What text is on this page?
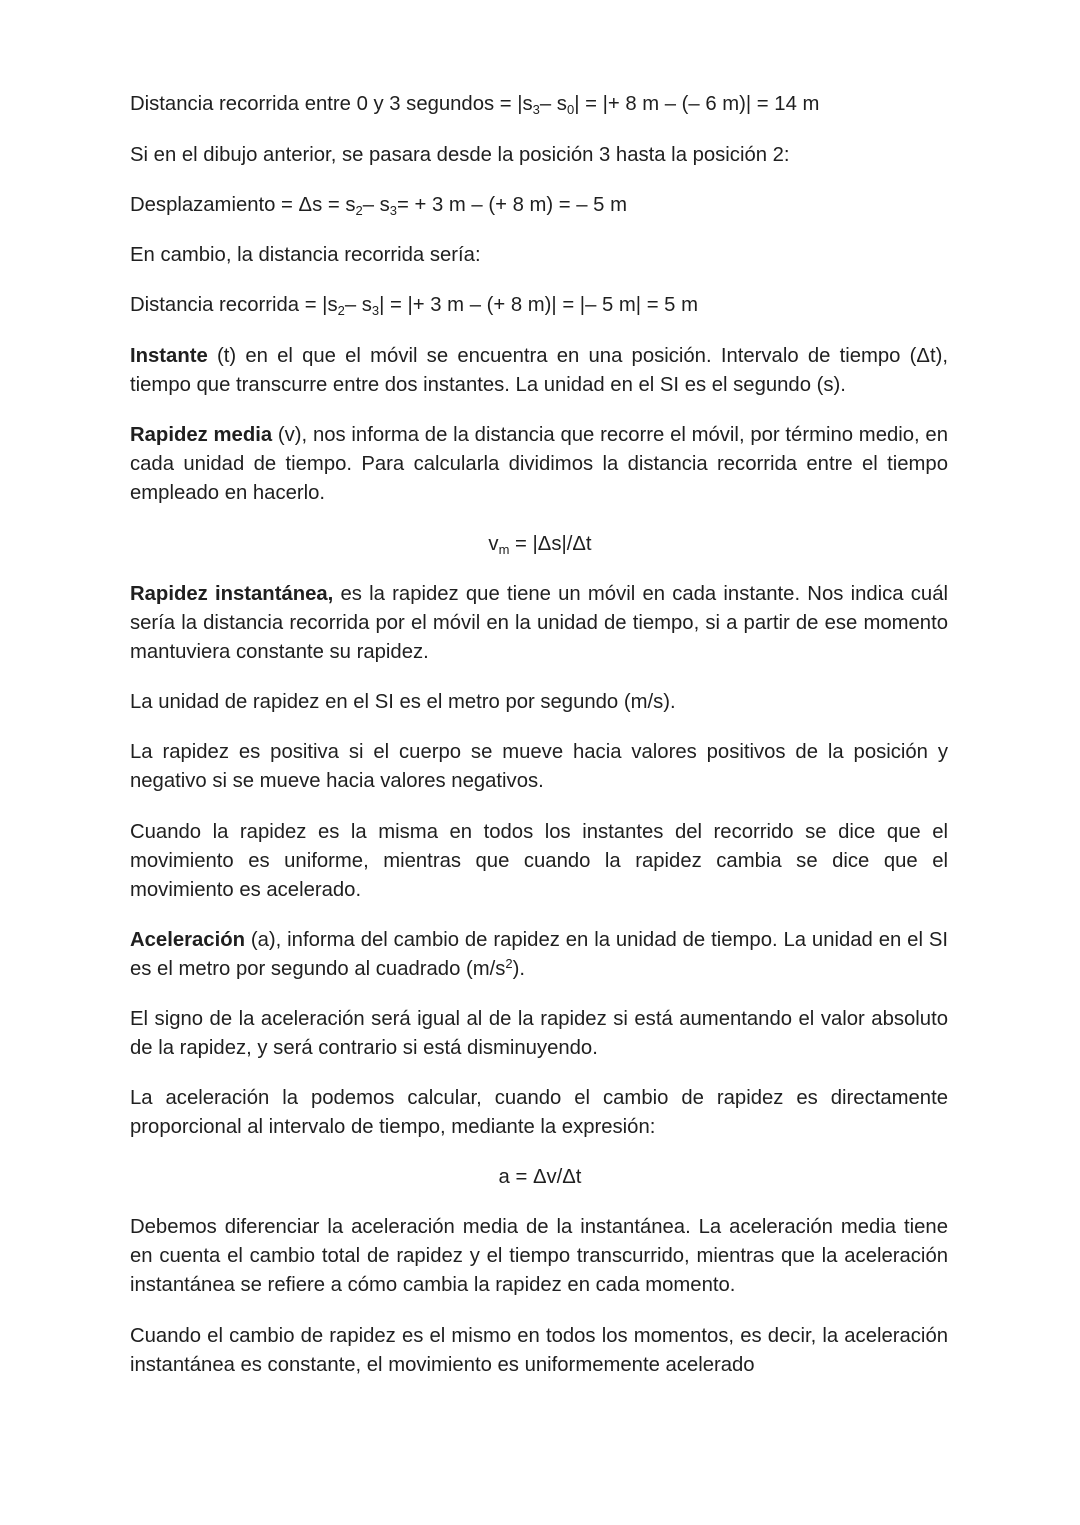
Distancia recorrida entre 0 y 3 segundos = $|s_3-$ $s_0|$ = |+ 8 m – (– 6 m)| = 14 m
Si en el dibujo anterior, se pasara desde la posición 3 hasta la posición 2:
Desplazamiento = $\Delta s = s_2-$ $s_3= + 3$ m – (+ 8 m) = – 5 m
En cambio, la distancia recorrida sería:
Distancia recorrida = $|s_2-$ $s_3|$ = |+ 3 m – (+ 8 m)| = |– 5 m| = 5 m
Instante (t) en el que el móvil se encuentra en una posición. Intervalo de tiempo (Δt), tiempo que transcurre entre dos instantes. La unidad en el SI es el segundo (s).
Rapidez media (v), nos informa de la distancia que recorre el móvil, por término medio, en cada unidad de tiempo. Para calcularla dividimos la distancia recorrida entre el tiempo empleado en hacerlo.
$v_m = |\Delta s|/\Delta t$
Rapidez instantánea, es la rapidez que tiene un móvil en cada instante. Nos indica cuál sería la distancia recorrida por el móvil en la unidad de tiempo, si a partir de ese momento mantuviera constante su rapidez.
La unidad de rapidez en el SI es el metro por segundo (m/s).
La rapidez es positiva si el cuerpo se mueve hacia valores positivos de la posición y negativo si se mueve hacia valores negativos.
Cuando la rapidez es la misma en todos los instantes del recorrido se dice que el movimiento es uniforme, mientras que cuando la rapidez cambia se dice que el movimiento es acelerado.
Aceleración (a), informa del cambio de rapidez en la unidad de tiempo. La unidad en el SI es el metro por segundo al cuadrado $(m/s^2)$.
El signo de la aceleración será igual al de la rapidez si está aumentando el valor absoluto de la rapidez, y será contrario si está disminuyendo.
La aceleración la podemos calcular, cuando el cambio de rapidez es directamente proporcional al intervalo de tiempo, mediante la expresión:
a = Δv/Δt
Debemos diferenciar la aceleración media de la instantánea. La aceleración media tiene en cuenta el cambio total de rapidez y el tiempo transcurrido, mientras que la aceleración instantánea se refiere a cómo cambia la rapidez en cada momento.
Cuando el cambio de rapidez es el mismo en todos los momentos, es decir, la aceleración instantánea es constante, el movimiento es uniformemente acelerado
